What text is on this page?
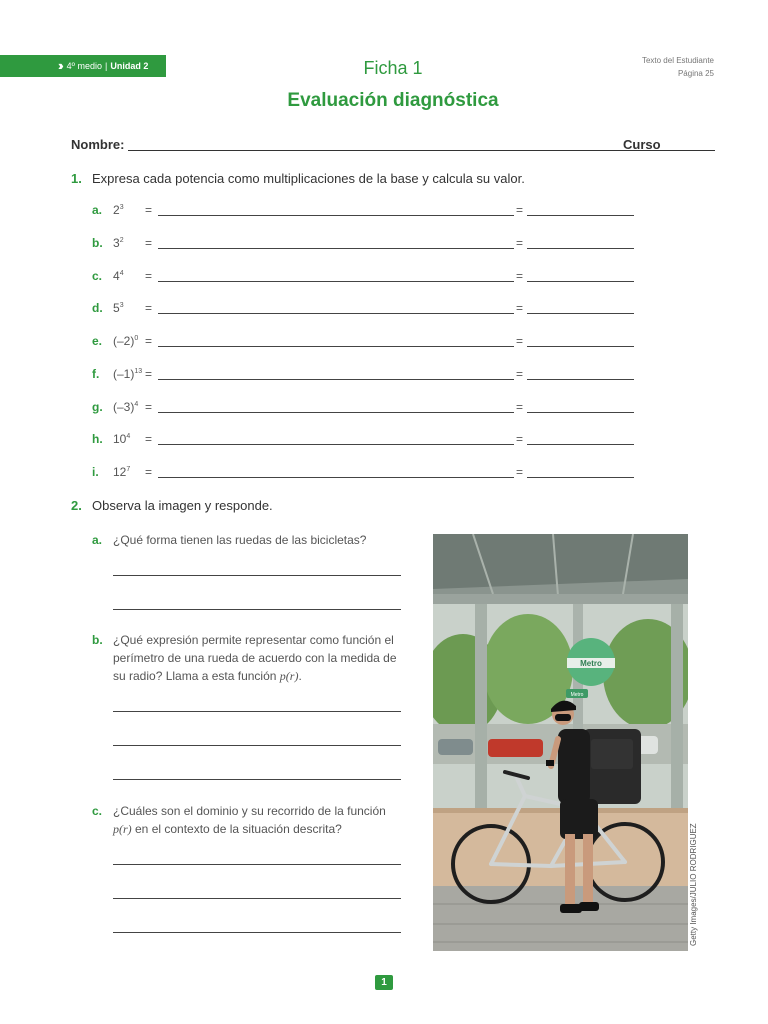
›› 4º medio | Unidad 2
Texto del Estudiante
Página 25
Ficha 1
Evaluación diagnóstica
Nombre:	Curso
1. Expresa cada potencia como multiplicaciones de la base y calcula su valor.
a. $2^3$ =	=
b. $3^2$ =	=
c. $4^4$ =	=
d. $5^3$ =	=
e. $(-2)^0$ =	=
f. $(-1)^{13}$ =	=
g. $(-3)^4$ =	=
h. $10^4$ =	=
i. $12^7$ =	=
2. Observa la imagen y responde.
a. ¿Qué forma tienen las ruedas de las bicicletas?
b. ¿Qué expresión permite representar como función el perímetro de una rueda de acuerdo con la medida de su radio? Llama a esta función p(r).
c. ¿Cuáles son el dominio y su recorrido de la función p(r) en el contexto de la situación descrita?
Metro
Metro
Getty Images/JULIO RODRIGUEZ
1
